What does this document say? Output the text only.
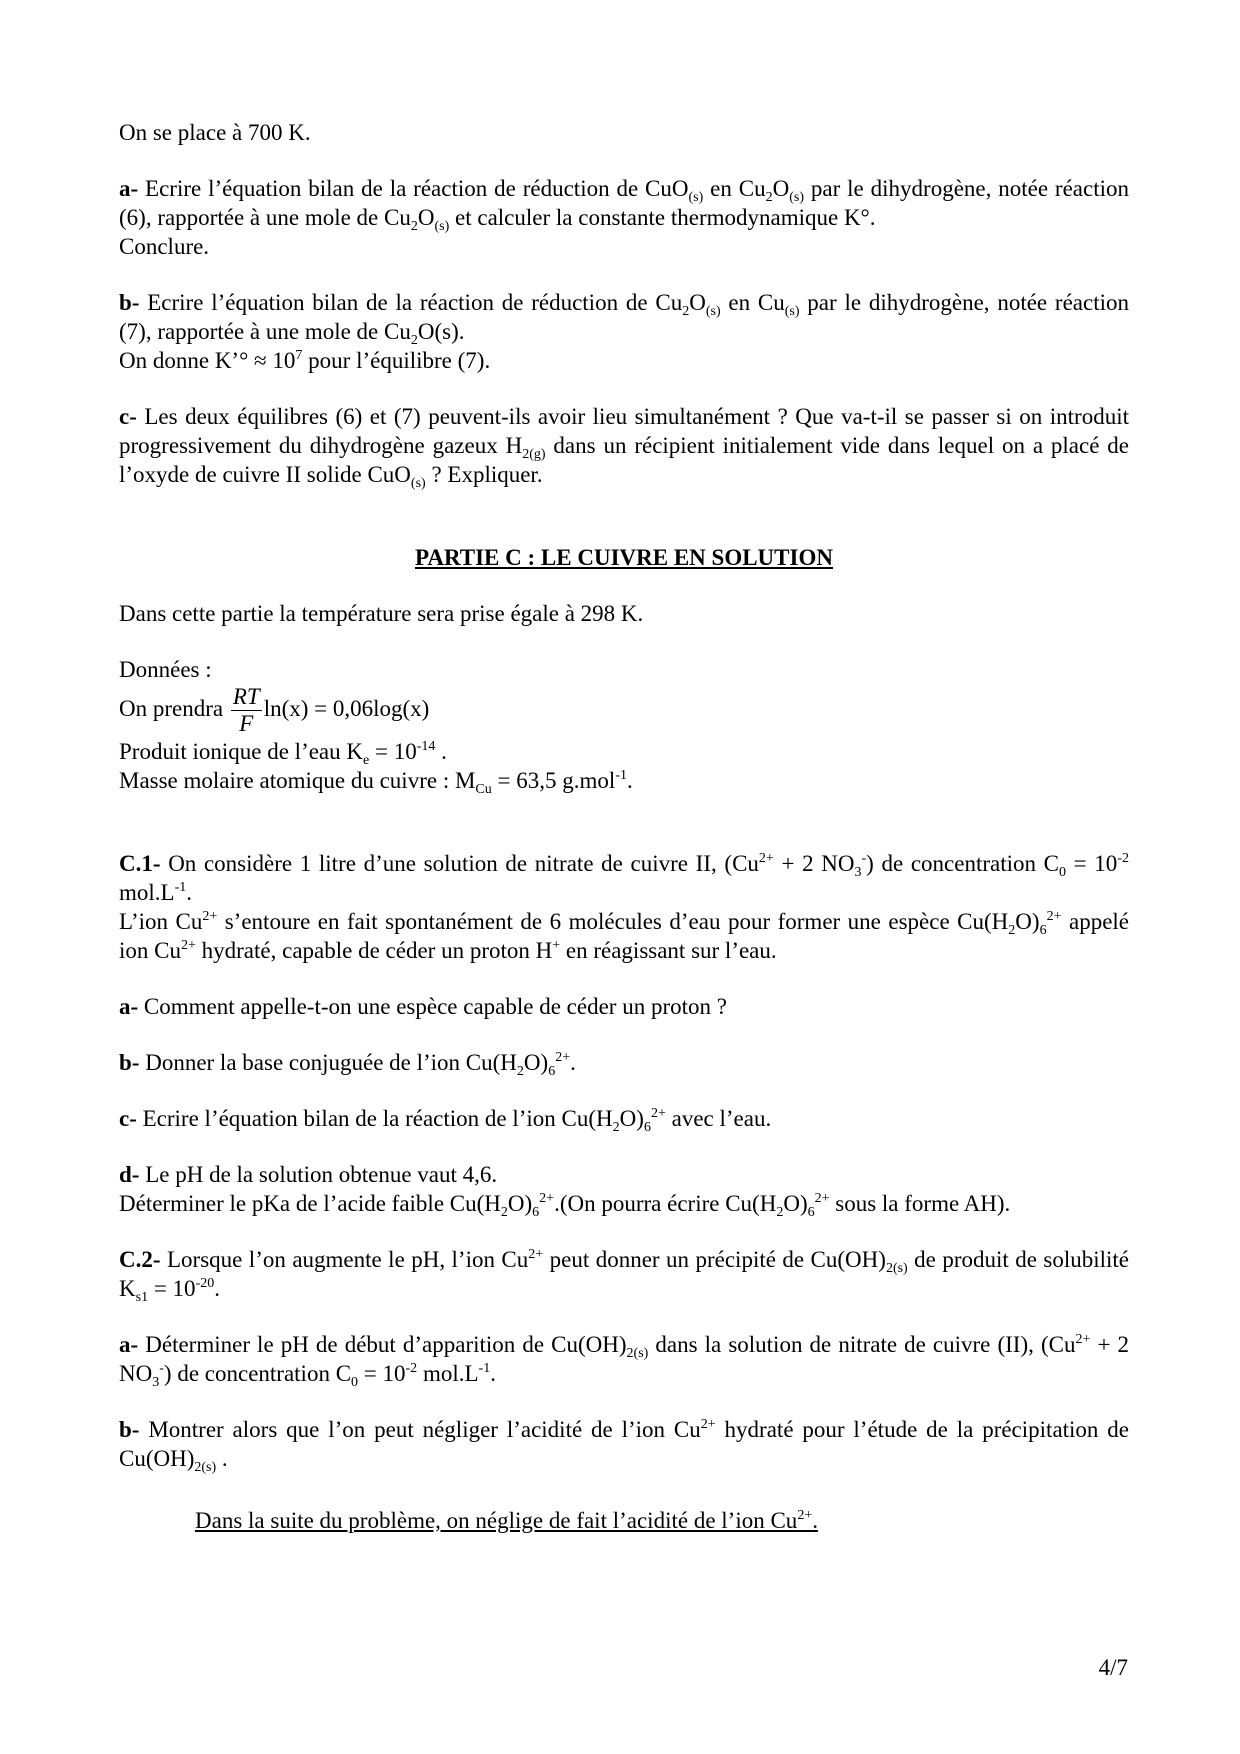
On se place à 700 K.

a- Ecrire l’équation bilan de la réaction de réduction de CuO$_{(s)}$ en $Cu_2O_{(s)}$ par le dihydrogène, notée réaction (6), rapportée à une mole de $Cu_2O_{(s)}$ et calculer la constante thermodynamique K°.
Conclure.

b- Ecrire l’équation bilan de la réaction de réduction de $Cu_2O_{(s)}$ en $Cu_{(s)}$ par le dihydrogène, notée réaction (7), rapportée à une mole de $Cu_2O(s)$.
On donne K’° ≈ $10^7$ pour l’équilibre (7).

c- Les deux équilibres (6) et (7) peuvent-ils avoir lieu simultanément ? Que va-t-il se passer si on introduit progressivement du dihydrogène gazeux $H_{2(g)}$ dans un récipient initialement vide dans lequel on a placé de l’oxyde de cuivre II solide CuO$_{(s)}$ ? Expliquer.

PARTIE C : LE CUIVRE EN SOLUTION

Dans cette partie la température sera prise égale à 298 K.

Données :

On prendra $\frac{RT}{F} \ln(x) = 0,06\log(x)$

Produit ionique de l’eau $K_e = 10^{-14}$ .

Masse molaire atomique du cuivre : $M_{Cu} = 63,5$ g.mol$^{-1}$.

C.1- On considère 1 litre d’une solution de nitrate de cuivre II, ($Cu^{2+} + 2$ $NO_3^-$) de concentration $C_0 = 10^{-2}$ $mol.L^{-1}$.
L’ion $Cu^{2+}$ s’entoure en fait spontanément de 6 molécules d’eau pour former une espèce $Cu(H_2O)_6^{2+}$ appelé ion $Cu^{2+}$ hydraté, capable de céder un proton H+ en réagissant sur l’eau.

a- Comment appelle-t-on une espèce capable de céder un proton ?

b- Donner la base conjuguée de l’ion $Cu(H_2O)_6^{2+}$.

c- Ecrire l’équation bilan de la réaction de l’ion $Cu(H_2O)_6^{2+}$ avec l’eau.

d- Le pH de la solution obtenue vaut 4,6.
Déterminer le pKa de l’acide faible $Cu(H_2O)_6^{2+}.(On$ pourra écrire $Cu(H_2O)_6^{2+}$ sous la forme AH).

C.2- Lorsque l’on augmente le pH, l’ion $Cu^{2+}$ peut donner un précipité de $Cu(OH)_{2(s)}$ de produit de solubilité $K_{s1} = 10^{-20}$.

a- Déterminer le pH de début d’apparition de $Cu(OH)_{2(s)}$ dans la solution de nitrate de cuivre (II), ($Cu^{2+} + 2$ $NO_3^-$) de concentration $C_0 = 10^{-2}$ $mol.L^{-1}$.

b- Montrer alors que l’on peut négliger l’acidité de l’ion $Cu^{2+}$ hydraté pour l’étude de la précipitation de $Cu(OH)_{2(s)}$ .

Dans la suite du problème, on néglige de fait l’acidité de l’ion $Cu^{2+}$.

4/7
